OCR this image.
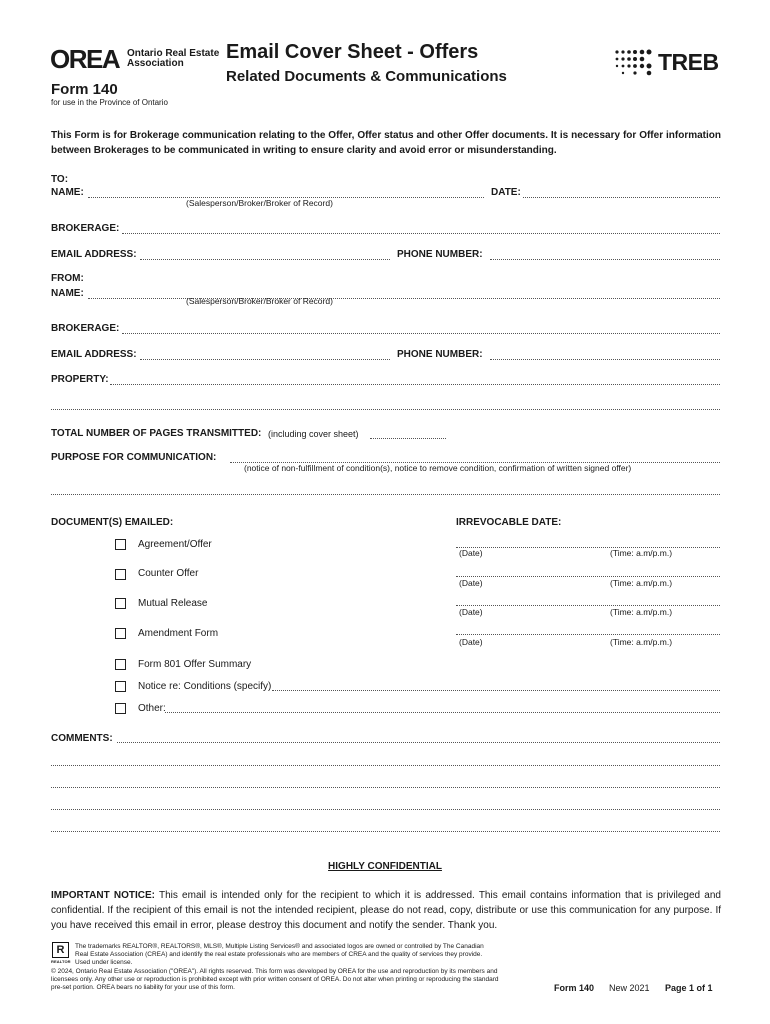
OREA Ontario Real Estate
Association
Form 140
for use in the Province of Ontario
Email Cover Sheet - Offers
Related Documents & Communications
TREB
This Form is for Brokerage communication relating to the Offer, Offer status and other Offer documents. It is necessary for Offer information between Brokerages to be communicated in writing to ensure clarity and avoid error or misunderstanding.
TO:
NAME:
(Salesperson/Broker/Broker of Record)
DATE:
BROKERAGE:
EMAIL ADDRESS:	PHONE NUMBER:
FROM:
NAME:
(Salesperson/Broker/Broker of Record)
BROKERAGE:
EMAIL ADDRESS:	PHONE NUMBER:
PROPERTY:
TOTAL NUMBER OF PAGES TRANSMITTED: (including cover sheet)
PURPOSE FOR COMMUNICATION:
(notice of non-fulfillment of condition(s), notice to remove condition, confirmation of written signed offer)
DOCUMENT(S) EMAILED:	IRREVOCABLE DATE:
Agreement/Offer
(Date)	(Time: a.m/p.m.)
Counter Offer
(Date)	(Time: a.m/p.m.)
Mutual Release
(Date)	(Time: a.m/p.m.)
Amendment Form
(Date)	(Time: a.m/p.m.)
Form 801 Offer Summary
Notice re: Conditions (specify)
Other:
COMMENTS:
HIGHLY CONFIDENTIAL
IMPORTANT NOTICE: This email is intended only for the recipient to which it is addressed. This email contains information that is privileged and confidential. If the recipient of this email is not the intended recipient, please do not read, copy, distribute or use this communication for any purpose. If you have received this email in error, please destroy this document and notify the sender. Thank you.
R
REALTOR
The trademarks REALTOR®, REALTORS®, MLS®, Multiple Listing Services® and associated logos are owned or controlled by The Canadian Real Estate Association (CREA) and identify the real estate professionals who are members of CREA and the quality of services they provide. Used under license.
© 2024, Ontario Real Estate Association ("OREA"). All rights reserved. This form was developed by OREA for the use and reproduction by its members and licensees only. Any other use or reproduction is prohibited except with prior written consent of OREA. Do not alter when printing or reproducing the standard pre-set portion. OREA bears no liability for your use of this form.	Form 140 New 2021 Page 1 of 1
